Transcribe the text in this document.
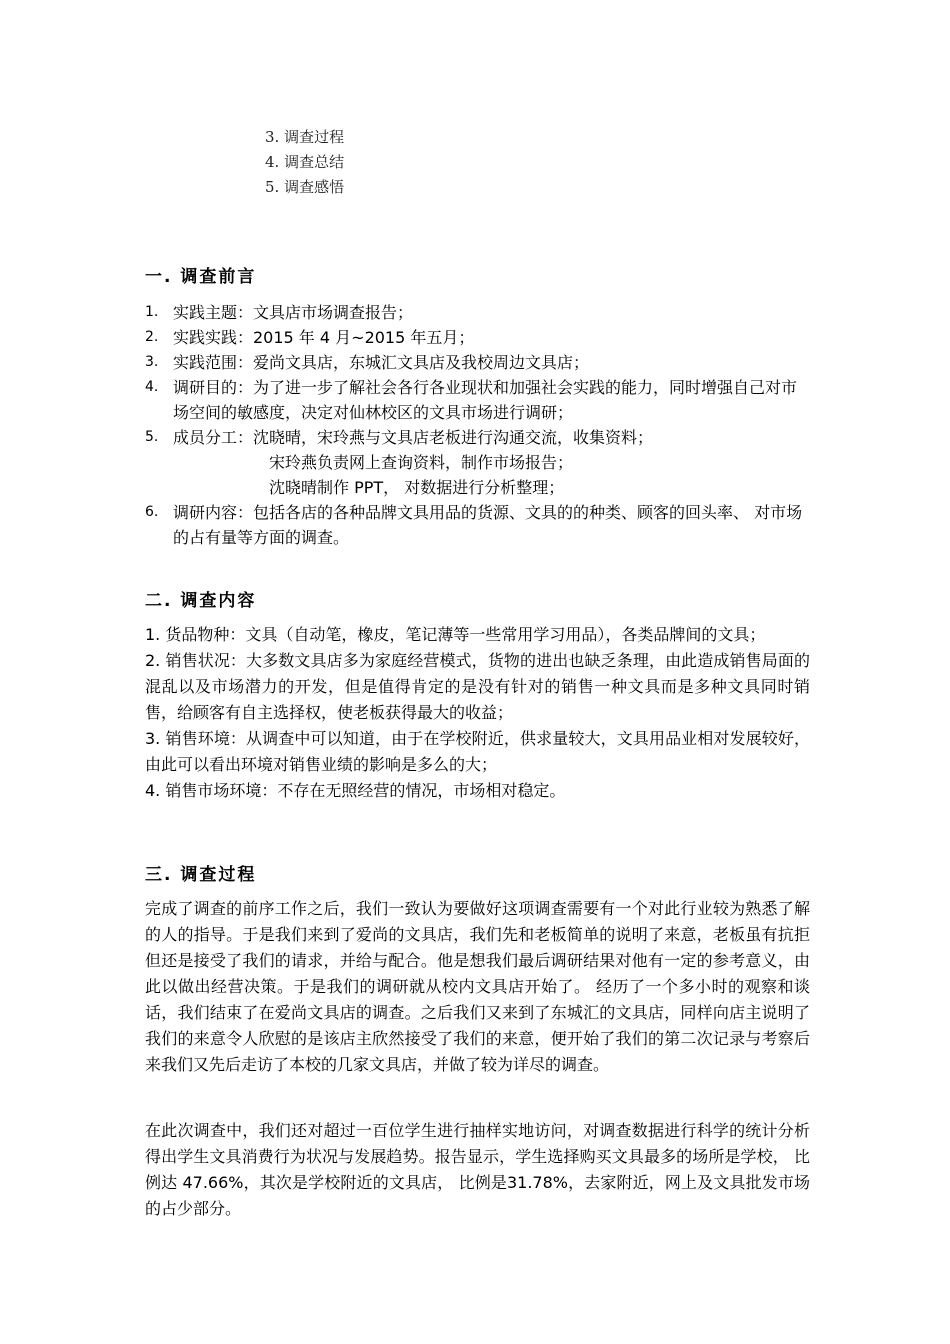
3. 调查过程
4. 调查总结
5. 调查感悟
一. 调查前言
1. 实践主题：文具店市场调查报告；
2. 实践实践：2015 年 4 月~2015 年五月；
3. 实践范围：爱尚文具店，东城汇文具店及我校周边文具店；
4. 调研目的：为了进一步了解社会各行各业现状和加强社会实践的能力，同时增强自己对市场空间的敏感度，决定对仙林校区的文具市场进行调研；
5. 成员分工：沈晓晴，宋玲燕与文具店老板进行沟通交流，收集资料；
宋玲燕负责网上查询资料，制作市场报告；
沈晓晴制作 PPT， 对数据进行分析整理；
6. 调研内容：包括各店的各种品牌文具用品的货源、文具的的种类、顾客的回头率、 对市场的占有量等方面的调查。
二. 调查内容

1. 货品物种：文具（自动笔，橡皮，笔记薄等一些常用学习用品），各类品牌间的文具；

2. 销售状况：大多数文具店多为家庭经营模式，货物的进出也缺乏条理，由此造成销售局面的混乱以及市场潜力的开发，但是值得肯定的是没有针对的销售一种文具而是多种文具同时销售，给顾客有自主选择权，使老板获得最大的收益；

3. 销售环境：从调查中可以知道，由于在学校附近，供求量较大，文具用品业相对发展较好，由此可以看出环境对销售业绩的影响是多么的大；

4. 销售市场环境：不存在无照经营的情况，市场相对稳定。

三. 调查过程

完成了调查的前序工作之后，我们一致认为要做好这项调查需要有一个对此行业较为熟悉了解的人的指导。于是我们来到了爱尚的文具店，我们先和老板简单的说明了来意，老板虽有抗拒但还是接受了我们的请求，并给与配合。他是想我们最后调研结果对他有一定的参考意义，由此以做出经营决策。于是我们的调研就从校内文具店开始了。 经历了一个多小时的观察和谈话，我们结束了在爱尚文具店的调查。之后我们又来到了东城汇的文具店，同样向店主说明了我们的来意令人欣慰的是该店主欣然接受了我们的来意，便开始了我们的第二次记录与考察后来我们又先后走访了本校的几家文具店，并做了较为详尽的调查。

在此次调查中，我们还对超过一百位学生进行抽样实地访问，对调查数据进行科学的统计分析得出学生文具消费行为状况与发展趋势。报告显示，学生选择购买文具最多的场所是学校， 比例达 47.66%，其次是学校附近的文具店， 比例是31.78%，去家附近，网上及文具批发市场的占少部分。
